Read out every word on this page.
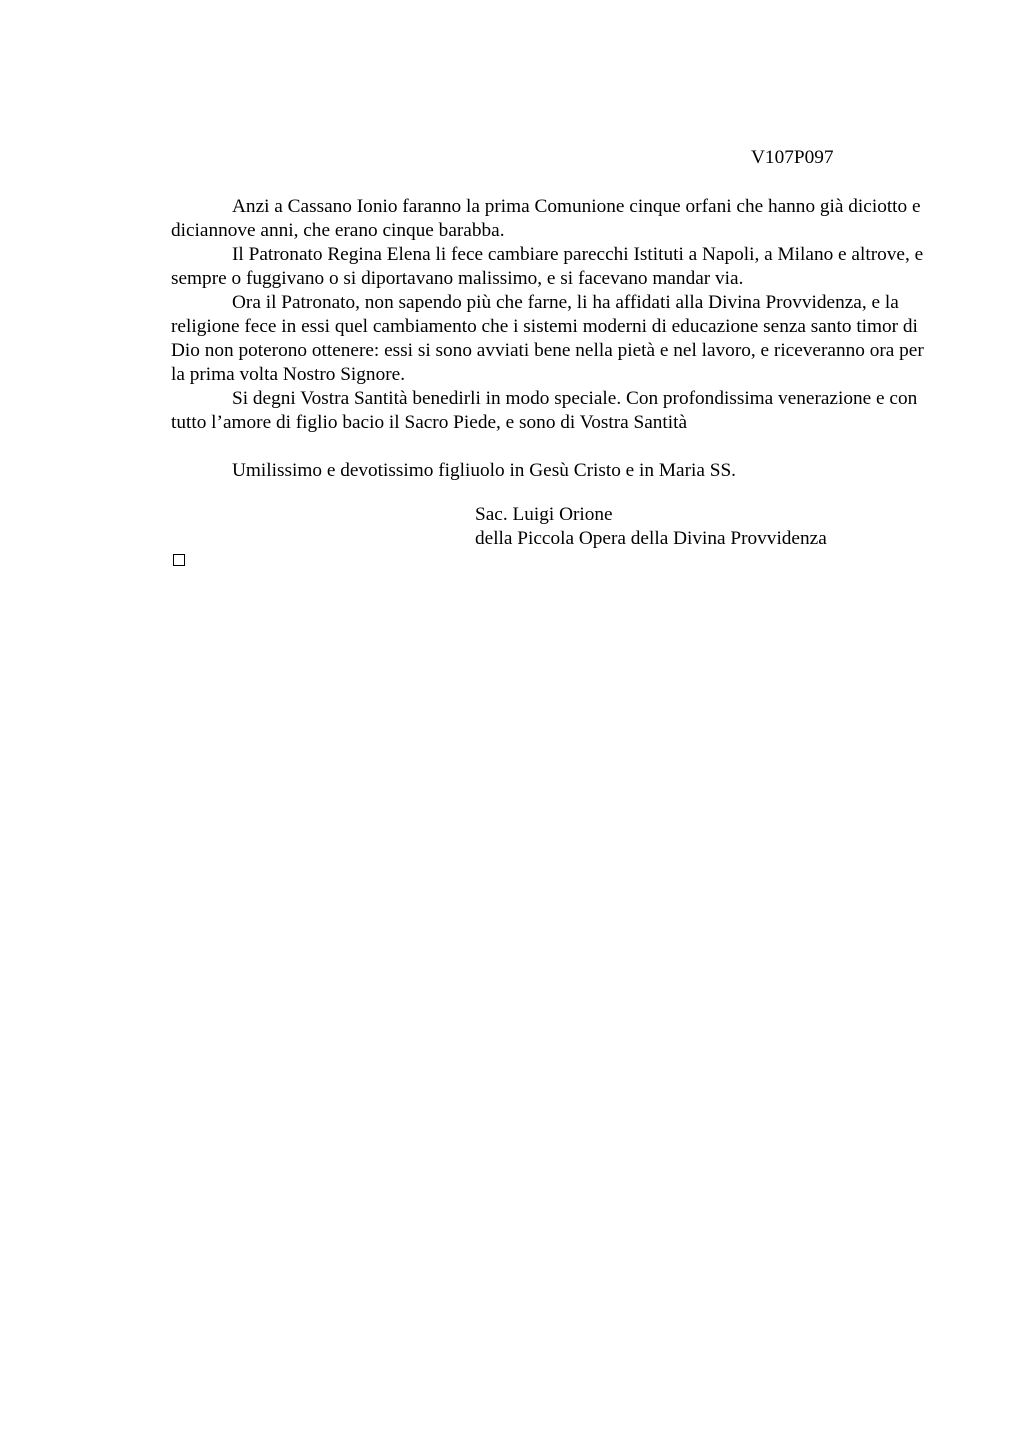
V107P097

Anzi a Cassano Ionio faranno la prima Comunione cinque orfani che hanno già diciotto e diciannove anni, che erano cinque barabba.

Il Patronato Regina Elena li fece cambiare parecchi Istituti a Napoli, a Milano e altrove, e sempre o fuggivano o si diportavano malissimo, e si facevano mandar via.

Ora il Patronato, non sapendo più che farne, li ha affidati alla Divina Provvidenza, e la religione fece in essi quel cambiamento che i sistemi moderni di educazione senza santo timor di Dio non poterono ottenere: essi si sono avviati bene nella pietà e nel lavoro, e riceveranno ora per la prima volta Nostro Signore.

Si degni Vostra Santità benedirli in modo speciale. Con profondissima venerazione e con tutto l’amore di figlio bacio il Sacro Piede, e sono di Vostra Santità

Umilissimo e devotissimo figliuolo in Gesù Cristo e in Maria SS.

Sac. Luigi Orione
della Piccola Opera della Divina Provvidenza
